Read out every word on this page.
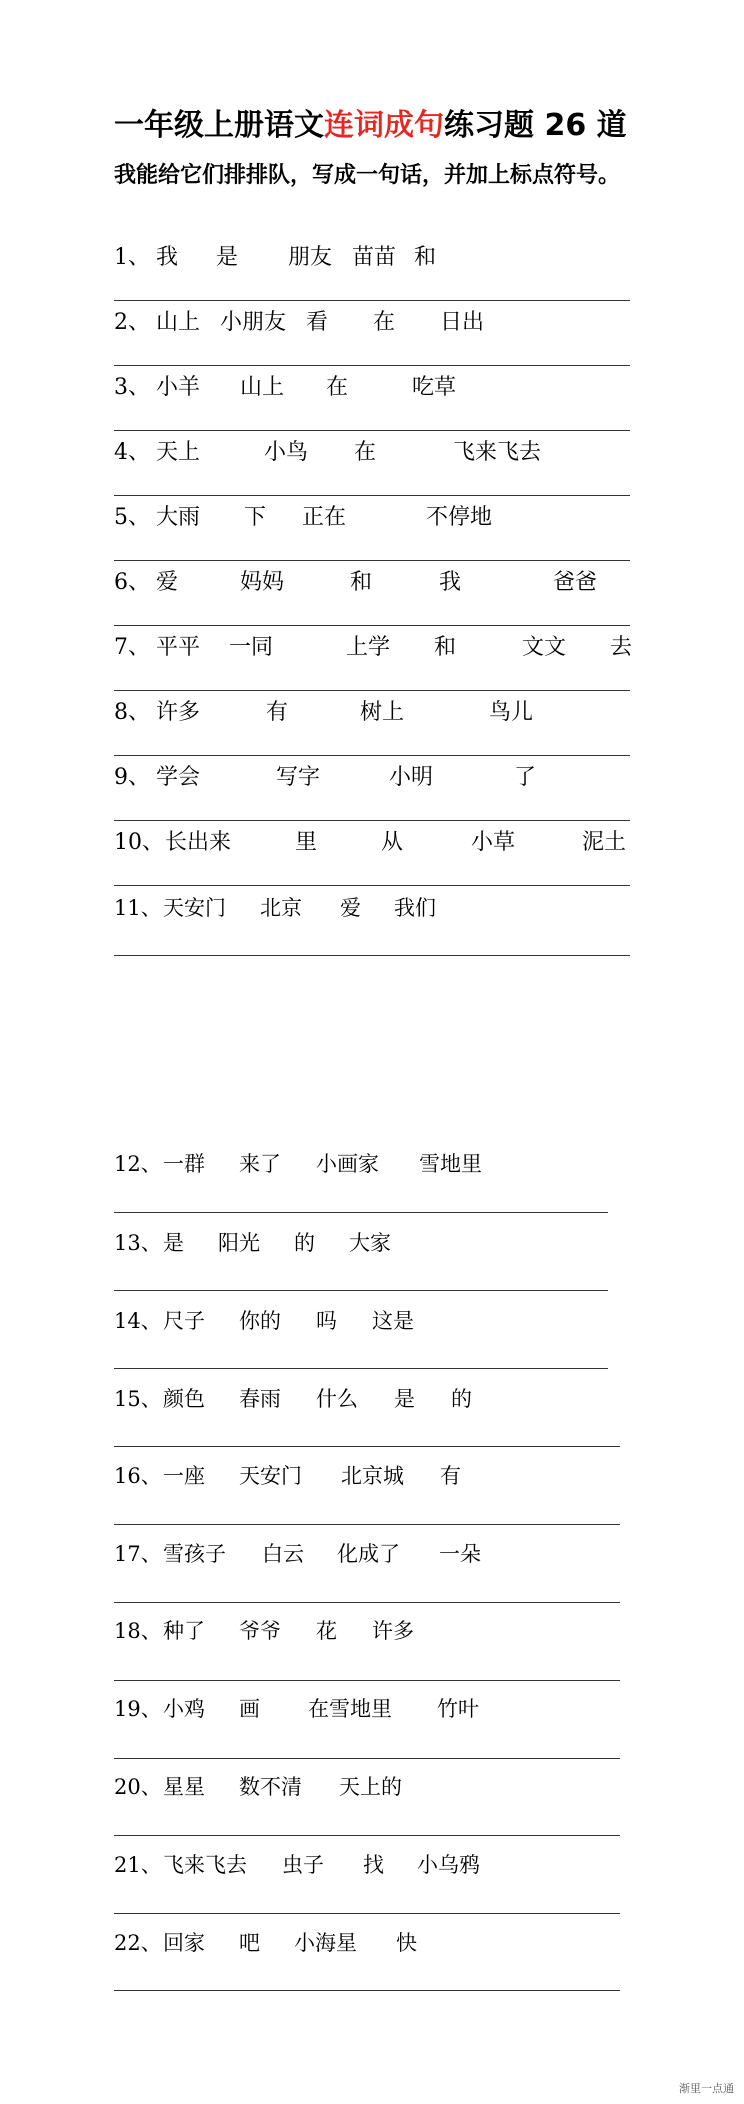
一年级上册语文连词成句练习题 26 道
我能给它们排排队，写成一句话，并加上标点符号。
1、 我 是 朋友 苗苗 和
2、 山上 小朋友 看 在 日出
3、 小羊 山上 在	吃草
4、 天上	小鸟 在	飞来飞去
5、 大雨 下 正在	不停地
6、 爱	妈妈	和	我	爸爸
7、 平平 一同	上学 和	文文 去
8、 许多	有	树上	鸟儿
9、 学会	写字	小明	了
10、 长出来	里	从	小草	泥土
11、 天安门 北京 爱 我们
12、 一群 来了 小画家 雪地里
13、 是 阳光 的 大家
14、 尺子 你的 吗 这是
15、 颜色 春雨 什么 是 的
16、 一座 天安门 北京城 有
17、 雪孩子 白云 化成了 一朵
18、 种了 爷爷 花 许多
19、 小鸡 画 在雪地里 竹叶
20、 星星 数不清 天上的
21、 飞来飞去 虫子 找 小乌鸦
22、 回家 吧 小海星 快
渐里一点通
